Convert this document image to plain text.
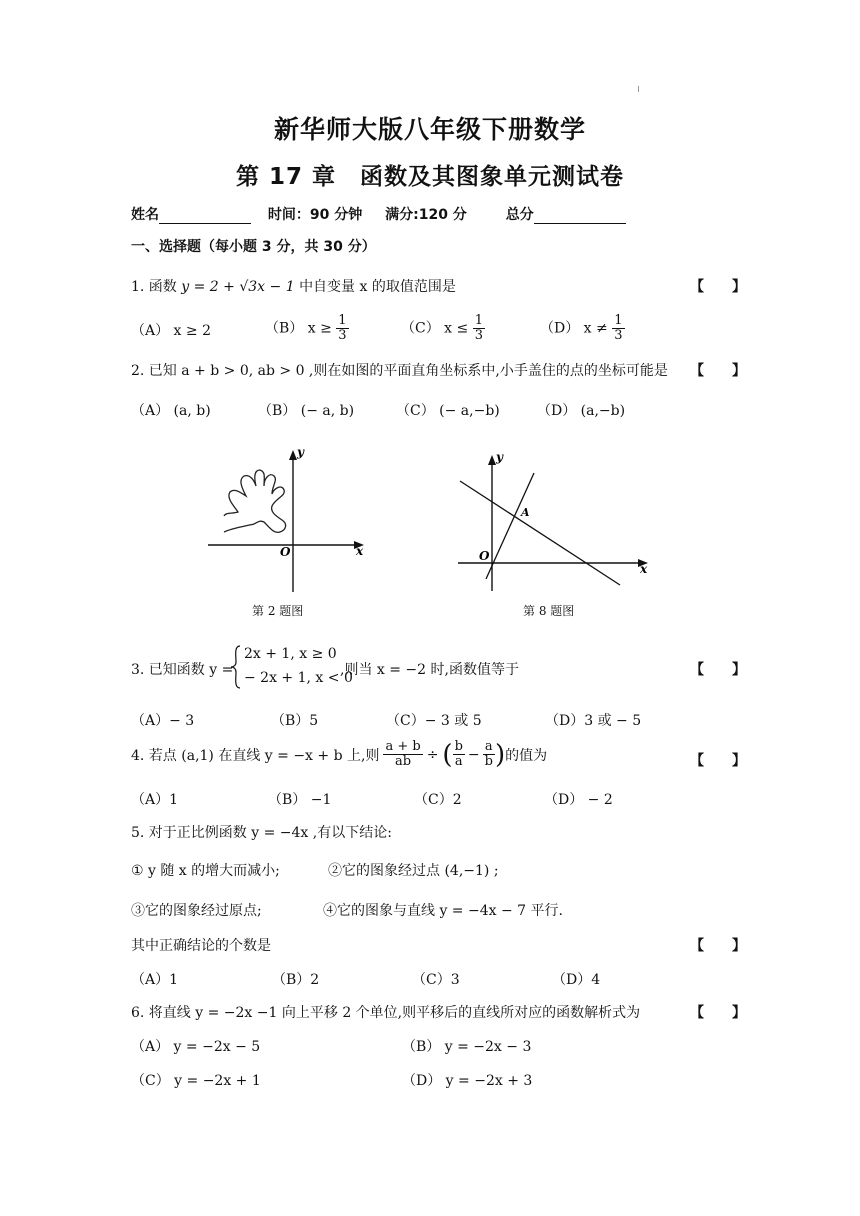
新华师大版八年级下册数学
第 17 章　函数及其图象单元测试卷
姓名	时间：90 分钟 满分:120 分	总分
一、选择题（每小题 3 分，共 30 分）
1. 函数 y = 2 + √3x − 1 中自变量 x 的取值范围是	【　　】
（A） x ≥ 2	（B） $x \ge \frac{1}{3}$	（C） $x \le \frac{1}{3}$	（D） $x \ne \frac{1}{3}$
2. 已知 a + b > 0, ab > 0 ,则在如图的平面直角坐标系中,小手盖住的点的坐标可能是 【　　】
（A） (a, b)	（B） (− a, b)	（C） (− a,−b)	（D） (a,−b)
x
y
O
第 2 题图
x
y
O
A
第 8 题图
3. 已知函数 y =
2x + 1, x ≥ 0
− 2x + 1, x < 0
,则当 x = −2 时,函数值等于	【　　】
（A）− 3	（B）5	（C）− 3 或 5	（D）3 或 − 5
4. 若点 (a,1) 在直线 y = −x + b 上,则 $\frac{a + b}{ab}$ ÷ ( $\frac{b}{a} - \frac{a}{b}$ ) 的值为	【　　】
（A）1	（B） −1	（C）2	（D） − 2
5. 对于正比例函数 y = −4x ,有以下结论:
① y 随 x 的增大而减小;	②它的图象经过点 (4,−1) ;
③它的图象经过原点;	④它的图象与直线 y = −4x − 7 平行.
其中正确结论的个数是	【　　】
（A）1	（B）2	（C）3	（D）4
6. 将直线 y = −2x −1 向上平移 2 个单位,则平移后的直线所对应的函数解析式为	【　　】
（A） y = −2x − 5	（B） y = −2x − 3
（C） y = −2x + 1	（D） y = −2x + 3
